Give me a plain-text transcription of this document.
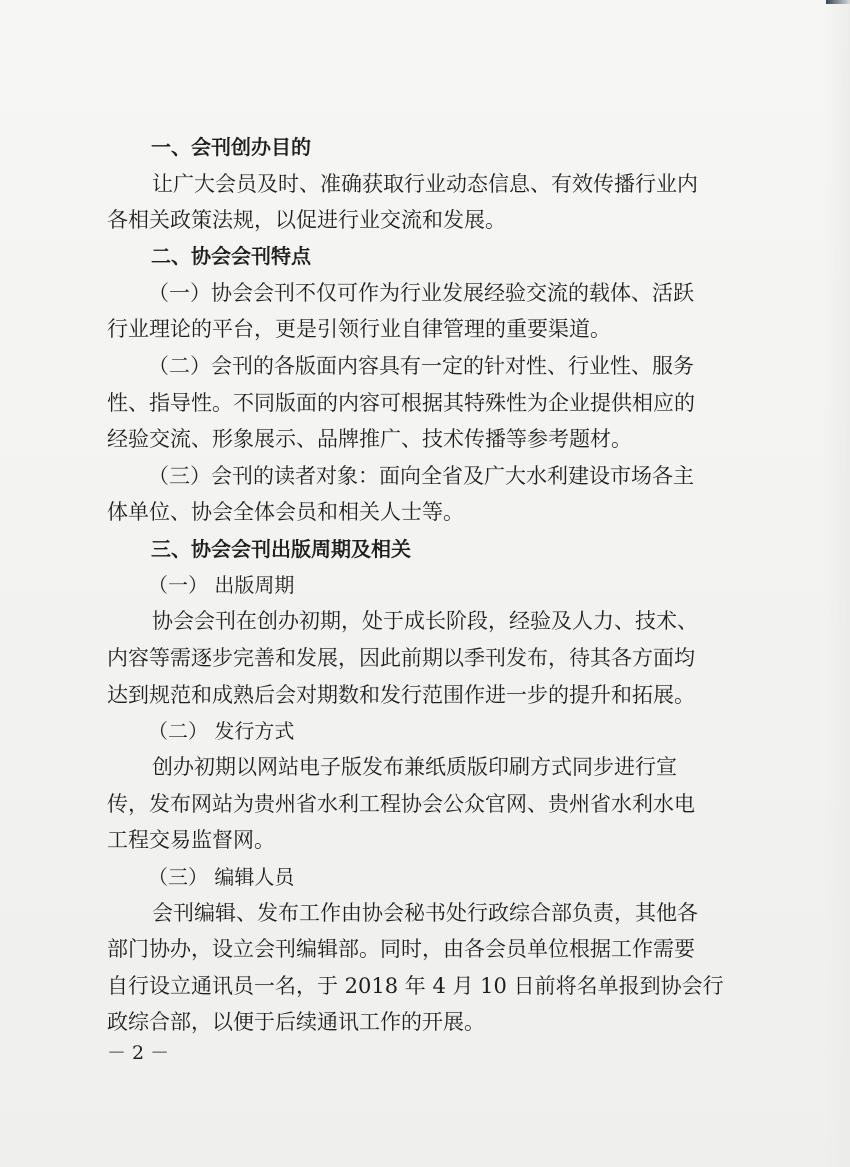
一、会刊创办目的
让广大会员及时、准确获取行业动态信息、有效传播行业内
各相关政策法规，以促进行业交流和发展。
二、协会会刊特点
（一）协会会刊不仅可作为行业发展经验交流的载体、活跃
行业理论的平台，更是引领行业自律管理的重要渠道。
（二）会刊的各版面内容具有一定的针对性、行业性、服务
性、指导性。不同版面的内容可根据其特殊性为企业提供相应的
经验交流、形象展示、品牌推广、技术传播等参考题材。
（三）会刊的读者对象：面向全省及广大水利建设市场各主
体单位、协会全体会员和相关人士等。
三、协会会刊出版周期及相关
（一） 出版周期
协会会刊在创办初期，处于成长阶段，经验及人力、技术、
内容等需逐步完善和发展，因此前期以季刊发布，待其各方面均
达到规范和成熟后会对期数和发行范围作进一步的提升和拓展。
（二） 发行方式
创办初期以网站电子版发布兼纸质版印刷方式同步进行宣
传，发布网站为贵州省水利工程协会公众官网、贵州省水利水电
工程交易监督网。
（三） 编辑人员
会刊编辑、发布工作由协会秘书处行政综合部负责，其他各
部门协办，设立会刊编辑部。同时，由各会员单位根据工作需要
自行设立通讯员一名，于 2018 年 4 月 10 日前将名单报到协会行
政综合部，以便于后续通讯工作的开展。
－ 2 －
